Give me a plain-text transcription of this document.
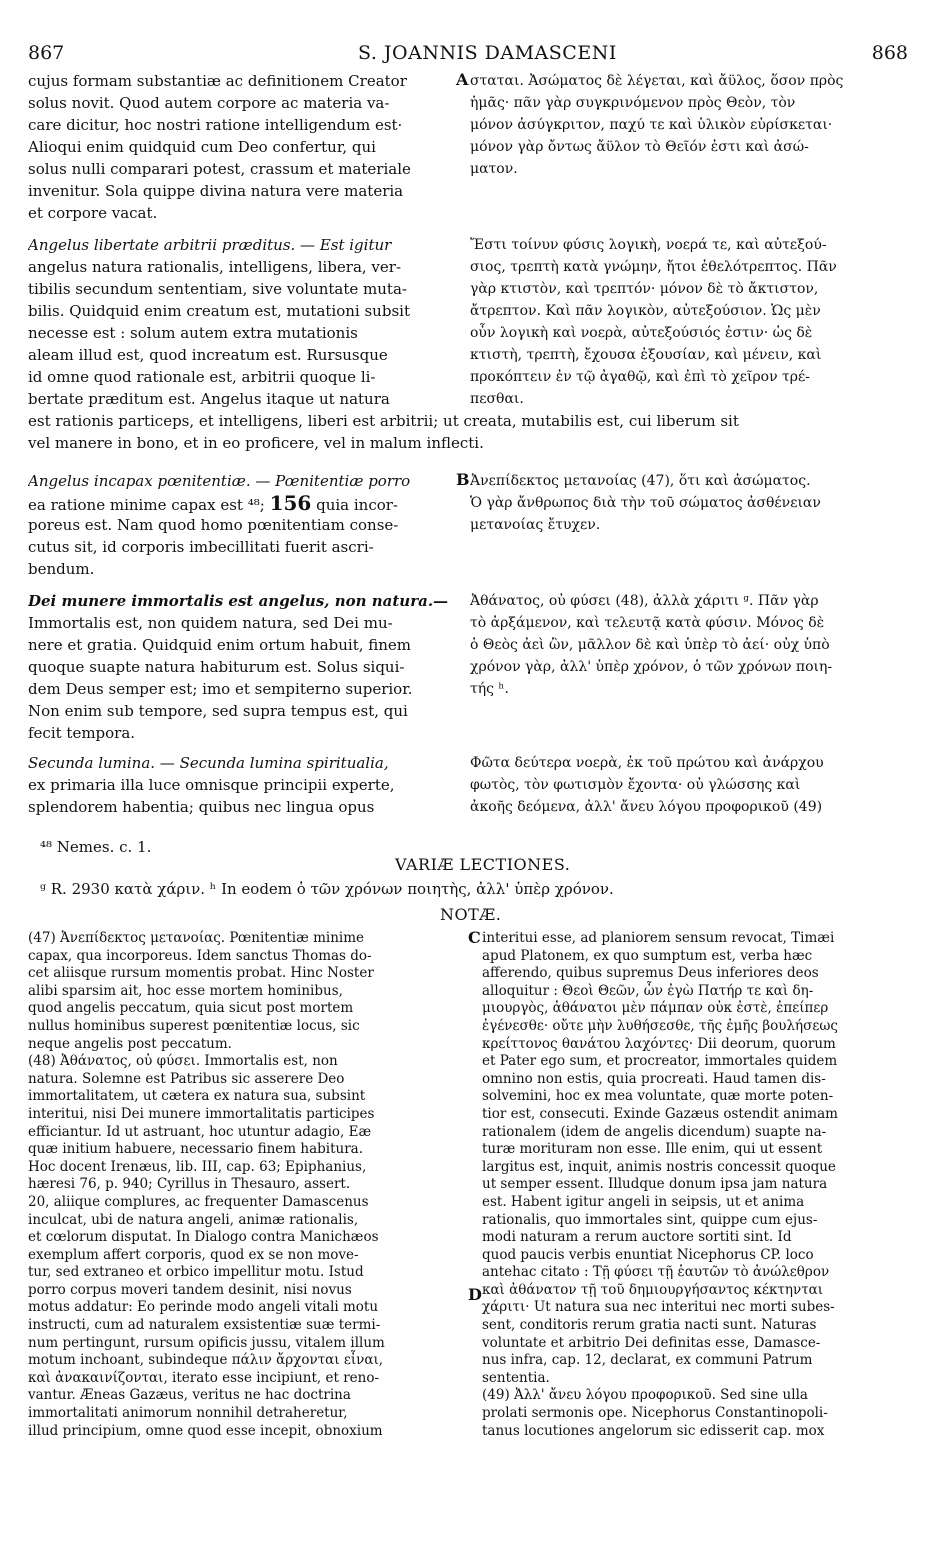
867	S. JOANNIS DAMASCENI	868
cujus formam substantiæ ac definitionem Creator
solus novit. Quod autem corpore ac materia va-
care dicitur, hoc nostri ratione intelligendum est·
Alioqui enim quidquid cum Deo confertur, qui
solus nulli comparari potest, crassum et materiale
invenitur. Sola quippe divina natura vere materia
et corpore vacat.
A σταται. Ἀσώματος δὲ λέγεται, καὶ ἄϋλος, ὅσον πρὸς
ἡμᾶς· πᾶν γὰρ συγκρινόμενον πρὸς Θεὸν, τὸν
μόνον ἀσύγκριτον, παχύ τε καὶ ὑλικὸν εὑρίσκεται·
μόνον γὰρ ὄντως ἄϋλον τὸ Θεῖόν ἐστι καὶ ἀσώ-
ματον.
Angelus libertate arbitrii præditus. — Est igitur
angelus natura rationalis, intelligens, libera, ver-
tibilis secundum sententiam, sive voluntate muta-
bilis. Quidquid enim creatum est, mutationi subsit
necesse est : solum autem extra mutationis
aleam illud est, quod increatum est. Rursusque
id omne quod rationale est, arbitrii quoque li-
bertate præditum est. Angelus itaque ut natura
Ἔστι τοίνυν φύσις λογικὴ, νοερά τε, καὶ αὐτεξού-
σιος, τρεπτὴ κατὰ γνώμην, ἤτοι ἐθελότρεπτος. Πᾶν
γὰρ κτιστὸν, καὶ τρεπτόν· μόνον δὲ τὸ ἄκτιστον,
ἄτρεπτον. Καὶ πᾶν λογικὸν, αὐτεξούσιον. Ὡς μὲν
οὖν λογικὴ καὶ νοερὰ, αὐτεξούσιός ἐστιν· ὡς δὲ
κτιστὴ, τρεπτὴ, ἔχουσα ἐξουσίαν, καὶ μένειν, καὶ
προκόπτειν ἐν τῷ ἀγαθῷ, καὶ ἐπὶ τὸ χεῖρον τρέ-
πεσθαι.
est rationis particeps, et intelligens, liberi est arbitrii; ut creata, mutabilis est, cui liberum sit
vel manere in bono, et in eo proficere, vel in malum inflecti.
Angelus incapax pœnitentiæ. — Pœnitentiæ porro
ea ratione minime capax est ⁴⁸; 156 quia incor-
poreus est. Nam quod homo pœnitentiam conse-
cutus sit, id corporis imbecillitati fuerit ascri-
bendum.
B Ἀνεπίδεκτος μετανοίας (47), ὅτι καὶ ἀσώματος.
Ὁ γὰρ ἄνθρωπος διὰ τὴν τοῦ σώματος ἀσθένειαν
μετανοίας ἔτυχεν.
Dei munere immortalis est angelus, non natura.—
Immortalis est, non quidem natura, sed Dei mu-
nere et gratia. Quidquid enim ortum habuit, finem
quoque suapte natura habiturum est. Solus siqui-
dem Deus semper est; imo et sempiterno superior.
Non enim sub tempore, sed supra tempus est, qui
fecit tempora.
Ἀθάνατος, οὐ φύσει (48), ἀλλὰ χάριτι ᵍ. Πᾶν γὰρ
τὸ ἀρξάμενον, καὶ τελευτᾷ κατὰ φύσιν. Μόνος δὲ
ὁ Θεὸς ἀεὶ ὢν, μᾶλλον δὲ καὶ ὑπὲρ τὸ ἀεί· οὐχ ὑπὸ
χρόνον γὰρ, ἀλλ' ὑπὲρ χρόνον, ὁ τῶν χρόνων ποιη-
τής ʰ.
Secunda lumina. — Secunda lumina spiritualia,
ex primaria illa luce omnisque principii experte,
splendorem habentia; quibus nec lingua opus
Φῶτα δεύτερα νοερὰ, ἐκ τοῦ πρώτου καὶ ἀνάρχου
φωτὸς, τὸν φωτισμὸν ἔχοντα· οὐ γλώσσης καὶ
ἀκοῆς δεόμενα, ἀλλ' ἄνευ λόγου προφορικοῦ (49)
⁴⁸ Nemes. c. 1.
VARIÆ LECTIONES.
ᵍ R. 2930 κατὰ χάριν. ʰ In eodem ὁ τῶν χρόνων ποιητὴς, ἀλλ' ὑπὲρ χρόνον.
NOTÆ.
C
D
(47) Ἀνεπίδεκτος μετανοίας. Pœnitentiæ minime
capax, qua incorporeus. Idem sanctus Thomas do-
cet aliisque rursum momentis probat. Hinc Noster
alibi sparsim ait, hoc esse mortem hominibus,
quod angelis peccatum, quia sicut post mortem
nullus hominibus superest pœnitentiæ locus, sic
neque angelis post peccatum.
(48) Ἀθάνατος, οὐ φύσει. Immortalis est, non
natura. Solemne est Patribus sic asserere Deo
immortalitatem, ut cætera ex natura sua, subsint
interitui, nisi Dei munere immortalitatis participes
efficiantur. Id ut astruant, hoc utuntur adagio, Eæ
quæ initium habuere, necessario finem habitura.
Hoc docent Irenæus, lib. III, cap. 63; Epiphanius,
hæresi 76, p. 940; Cyrillus in Thesauro, assert.
20, aliique complures, ac frequenter Damascenus
inculcat, ubi de natura angeli, animæ rationalis,
et cœlorum disputat. In Dialogo contra Manichæos
exemplum affert corporis, quod ex se non move-
tur, sed extraneo et orbico impellitur motu. Istud
porro corpus moveri tandem desinit, nisi novus
motus addatur: Eo perinde modo angeli vitali motu
instructi, cum ad naturalem exsistentiæ suæ termi-
num pertingunt, rursum opificis jussu, vitalem illum
motum inchoant, subindeque πάλιν ἄρχονται εἶναι,
καὶ ἀνακαινίζονται, iterato esse incipiunt, et reno-
vantur. Æneas Gazæus, veritus ne hac doctrina
immortalitati animorum nonnihil detraheretur,
illud principium, omne quod esse incepit, obnoxium
interitui esse, ad planiorem sensum revocat, Timæi
apud Platonem, ex quo sumptum est, verba hæc
afferendo, quibus supremus Deus inferiores deos
alloquitur : Θεοὶ Θεῶν, ὧν ἐγὼ Πατήρ τε καὶ δη-
μιουργὸς, ἀθάνατοι μὲν πάμπαν οὐκ ἐστὲ, ἐπείπερ
ἐγένεσθε· οὔτε μὴν λυθήσεσθε, τῆς ἐμῆς βουλήσεως
κρείττονος θανάτου λαχόντες· Dii deorum, quorum
et Pater ego sum, et procreator, immortales quidem
omnino non estis, quia procreati. Haud tamen dis-
solvemini, hoc ex mea voluntate, quæ morte poten-
tior est, consecuti. Exinde Gazæus ostendit animam
rationalem (idem de angelis dicendum) suapte na-
turæ morituram non esse. Ille enim, qui ut essent
largitus est, inquit, animis nostris concessit quoque
ut semper essent. Illudque donum ipsa jam natura
est. Habent igitur angeli in seipsis, ut et anima
rationalis, quo immortales sint, quippe cum ejus-
modi naturam a rerum auctore sortiti sint. Id
quod paucis verbis enuntiat Nicephorus CP. loco
antehac citato : Τῇ φύσει τῇ ἑαυτῶν τὸ ἀνώλεθρον
καὶ ἀθάνατον τῇ τοῦ δημιουργήσαντος κέκτηνται
χάριτι· Ut natura sua nec interitui nec morti subes-
sent, conditoris rerum gratia nacti sunt. Naturas
voluntate et arbitrio Dei definitas esse, Damasce-
nus infra, cap. 12, declarat, ex communi Patrum
sententia.
(49) Ἀλλ' ἄνευ λόγου προφορικοῦ. Sed sine ulla
prolati sermonis ope. Nicephorus Constantinopoli-
tanus locutiones angelorum sic edisserit cap. mox
